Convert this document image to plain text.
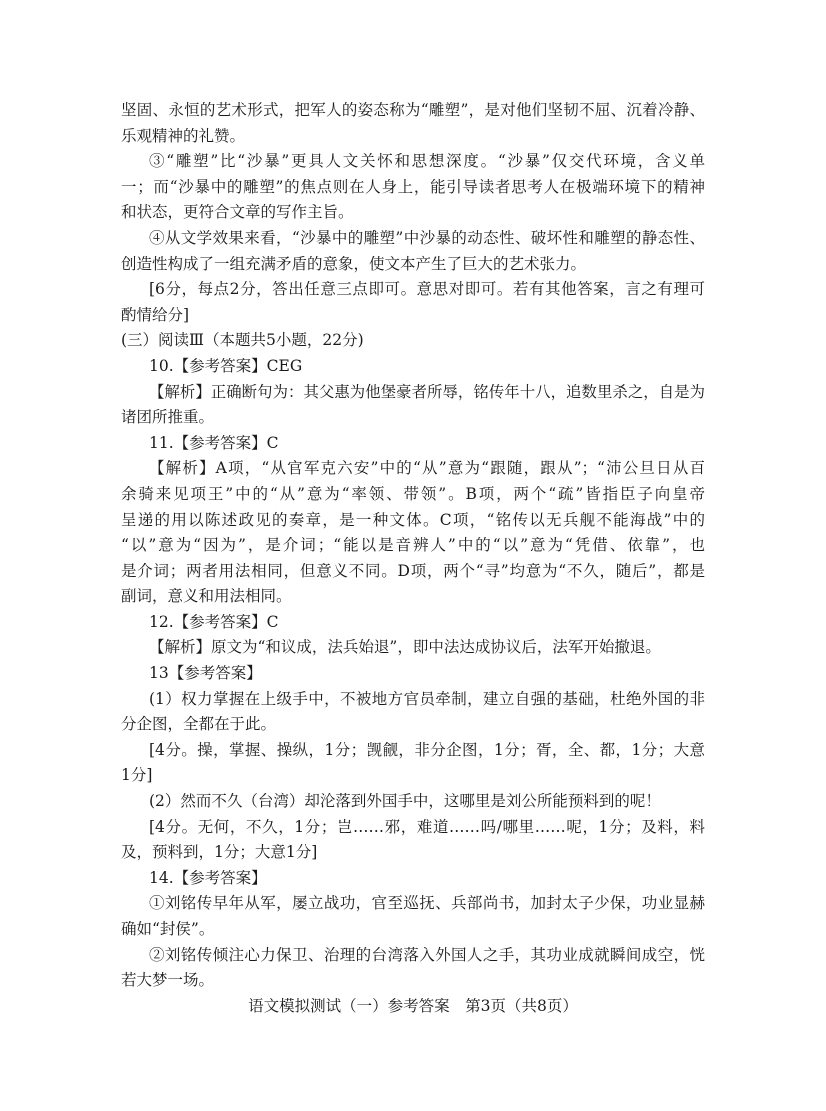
坚固、永恒的艺术形式，把军人的姿态称为“雕塑”，是对他们坚韧不屈、沉着冷静、
乐观精神的礼赞。
③“雕塑”比“沙暴”更具人文关怀和思想深度。“沙暴”仅交代环境，含义单
一；而“沙暴中的雕塑”的焦点则在人身上，能引导读者思考人在极端环境下的精神
和状态，更符合文章的写作主旨。
④从文学效果来看，“沙暴中的雕塑”中沙暴的动态性、破坏性和雕塑的静态性、
创造性构成了一组充满矛盾的意象，使文本产生了巨大的艺术张力。
[6分，每点2分，答出任意三点即可。意思对即可。若有其他答案，言之有理可
酌情给分]
(三）阅读Ⅲ（本题共5小题，22分)
10.【参考答案】CEG
【解析】正确断句为：其父惠为他堡豪者所辱，铭传年十八，追数里杀之，自是为
诸团所推重。
11.【参考答案】C
【解析】A项，“从官军克六安”中的“从”意为“跟随，跟从”；“沛公旦日从百
余骑来见项王”中的“从”意为“率领、带领”。B项，两个“疏”皆指臣子向皇帝
呈递的用以陈述政见的奏章，是一种文体。C项，“铭传以无兵舰不能海战”中的
“以”意为“因为”，是介词；“能以是音辨人”中的“以”意为“凭借、依靠”，也
是介词；两者用法相同，但意义不同。D项，两个“寻”均意为“不久，随后”，都是
副词，意义和用法相同。
12.【参考答案】C
【解析】原文为“和议成，法兵始退”，即中法达成协议后，法军开始撤退。
13【参考答案】
(1）权力掌握在上级手中，不被地方官员牵制，建立自强的基础，杜绝外国的非
分企图，全都在于此。
[4分。操，掌握、操纵，1分；觊觎，非分企图，1分；胥，全、都，1分；大意
1分]
(2）然而不久（台湾）却沦落到外国手中，这哪里是刘公所能预料到的呢！
[4分。无何，不久，1分；岂……邪，难道……吗/哪里……呢，1分；及料，料
及，预料到，1分；大意1分]
14.【参考答案】
①刘铭传早年从军，屡立战功，官至巡抚、兵部尚书，加封太子少保，功业显赫
确如“封侯”。
②刘铭传倾注心力保卫、治理的台湾落入外国人之手，其功业成就瞬间成空，恍
若大梦一场。
语文模拟测试（一）参考答案　第3页（共8页）
